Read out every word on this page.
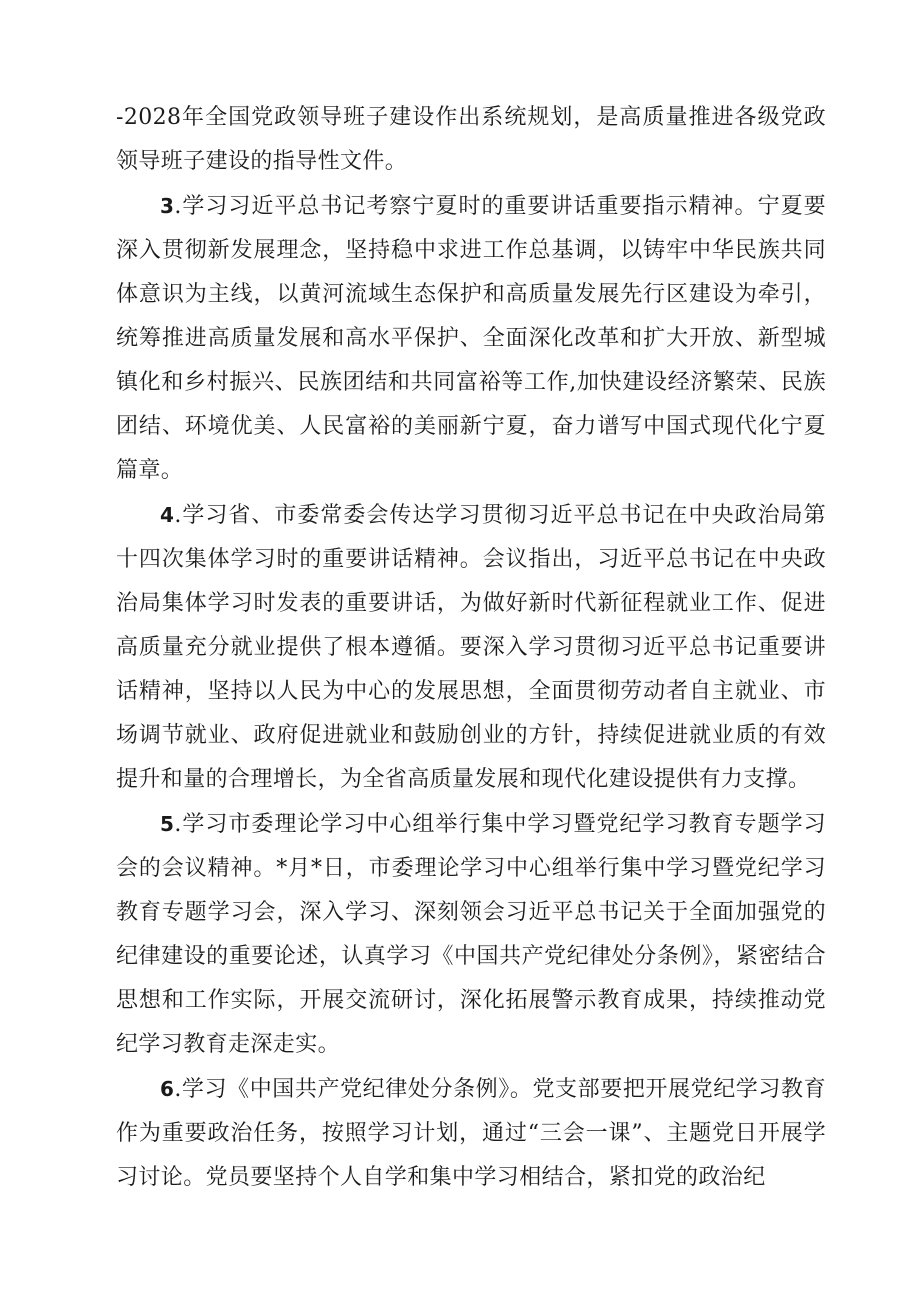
-2028年全国党政领导班子建设作出系统规划，是高质量推进各级党政领导班子建设的指导性文件。

3.学习习近平总书记考察宁夏时的重要讲话重要指示精神。宁夏要深入贯彻新发展理念，坚持稳中求进工作总基调，以铸牢中华民族共同体意识为主线，以黄河流域生态保护和高质量发展先行区建设为牵引，统筹推进高质量发展和高水平保护、全面深化改革和扩大开放、新型城镇化和乡村振兴、民族团结和共同富裕等工作,加快建设经济繁荣、民族团结、环境优美、人民富裕的美丽新宁夏，奋力谱写中国式现代化宁夏篇章。

4.学习省、市委常委会传达学习贯彻习近平总书记在中央政治局第十四次集体学习时的重要讲话精神。会议指出，习近平总书记在中央政治局集体学习时发表的重要讲话，为做好新时代新征程就业工作、促进高质量充分就业提供了根本遵循。要深入学习贯彻习近平总书记重要讲话精神，坚持以人民为中心的发展思想，全面贯彻劳动者自主就业、市场调节就业、政府促进就业和鼓励创业的方针，持续促进就业质的有效提升和量的合理增长，为全省高质量发展和现代化建设提供有力支撑。

5.学习市委理论学习中心组举行集中学习暨党纪学习教育专题学习会的会议精神。*月*日，市委理论学习中心组举行集中学习暨党纪学习教育专题学习会，深入学习、深刻领会习近平总书记关于全面加强党的纪律建设的重要论述，认真学习《中国共产党纪律处分条例》，紧密结合思想和工作实际，开展交流研讨，深化拓展警示教育成果，持续推动党纪学习教育走深走实。

6.学习《中国共产党纪律处分条例》。党支部要把开展党纪学习教育作为重要政治任务，按照学习计划，通过“三会一课”、主题党日开展学习讨论。党员要坚持个人自学和集中学习相结合，紧扣党的政治纪
